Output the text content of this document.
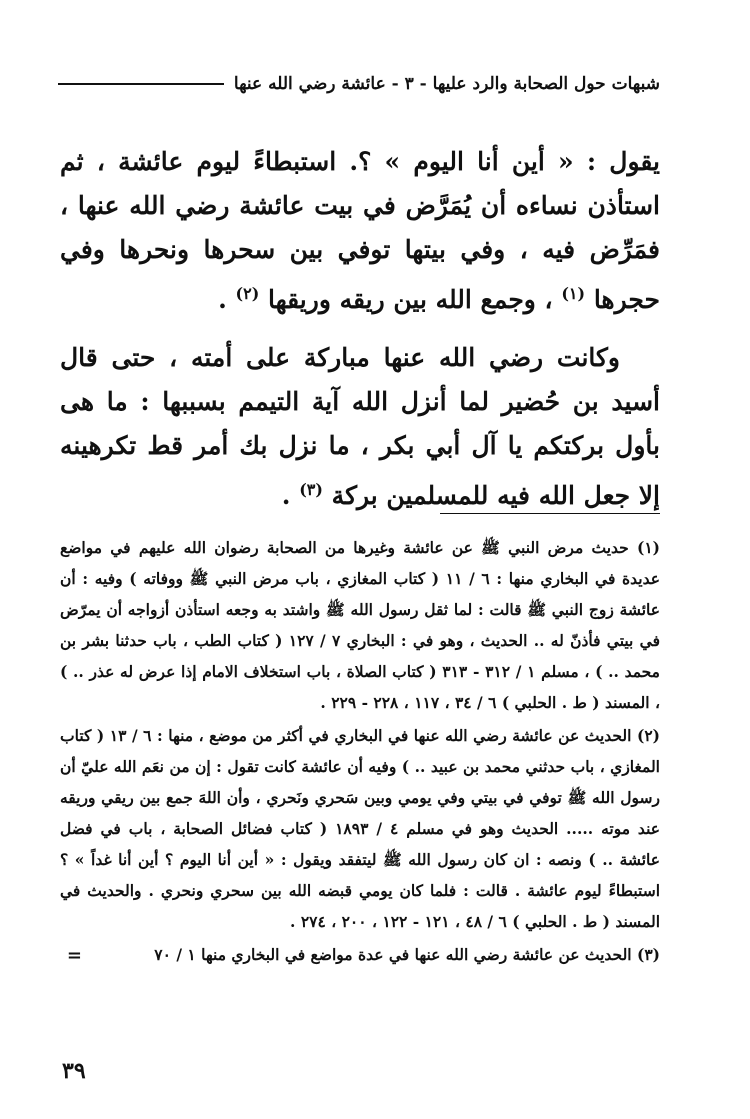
شبهات حول الصحابة والرد عليها - ٣ - عائشة رضي الله عنها

يقول : « أين أنا اليوم » ؟. استبطاءً ليوم عائشة ، ثم استأذن نساءه أن يُمَرَّض في بيت عائشة رضي الله عنها ، فمَرِّض فيه ، وفي بيتها توفي بين سحرها ونحرها وفي حجرها $^{(١)}$ ، وجمع الله بين ريقه وريقها $^{(٢)}$ .

وكانت رضي الله عنها مباركة على أمته ، حتى قال أسيد بن حُضير لما أنزل الله آية التيمم بسببها : ما هى بأول بركتكم يا آل أبي بكر ، ما نزل بك أمر قط تكرهينه إلا جعل الله فيه للمسلمين بركة $^{(٣)}$ .

(١) حديث مرض النبي ﷺ عن عائشة وغيرها من الصحابة رضوان الله عليهم في مواضع عديدة في البخاري منها : ٦ / ١١ ( كتاب المغازي ، باب مرض النبي ﷺ ووفاته ) وفيه : أن عائشة زوج النبي ﷺ قالت : لما ثقل رسول الله ﷺ واشتد به وجعه استأذن أزواجه أن يمرّض في بيتي فأذنّ له .. الحديث ، وهو في : البخاري ٧ / ١٢٧ ( كتاب الطب ، باب حدثنا بشر بن محمد .. ) ، مسلم ١ / ٣١٢ - ٣١٣ ( كتاب الصلاة ، باب استخلاف الامام إذا عرض له عذر .. ) ، المسند ( ط . الحلبي ) ٦ / ٣٤ ، ١١٧ ، ٢٢٨ - ٢٢٩ .

(٢) الحديث عن عائشة رضي الله عنها في البخاري في أكثر من موضع ، منها : ٦ / ١٣ ( كتاب المغازي ، باب حدثني محمد بن عبيد .. ) وفيه أن عائشة كانت تقول : إن من نعَم الله عليّ أن رسول الله ﷺ توفي في بيتي وفي يومي وبين سَحري ونَحري ، وأن اللهَ جمع بين ريقي وريقه عند موته ..... الحديث وهو في مسلم ٤ / ١٨٩٣ ( كتاب فضائل الصحابة ، باب في فضل عائشة .. ) ونصه : ان كان رسول الله ﷺ ليتفقد ويقول : « أين أنا اليوم ؟ أين أنا غداً » ؟ استبطاءً ليوم عائشة . قالت : فلما كان يومي قبضه الله بين سحري ونحري . والحديث في المسند ( ط . الحلبي ) ٦ / ٤٨ ، ١٢١ - ١٢٢ ، ٢٠٠ ، ٢٧٤ .

(٣) الحديث عن عائشة رضي الله عنها في عدة مواضع في البخاري منها ١ / ٧٠

=
٣٩
